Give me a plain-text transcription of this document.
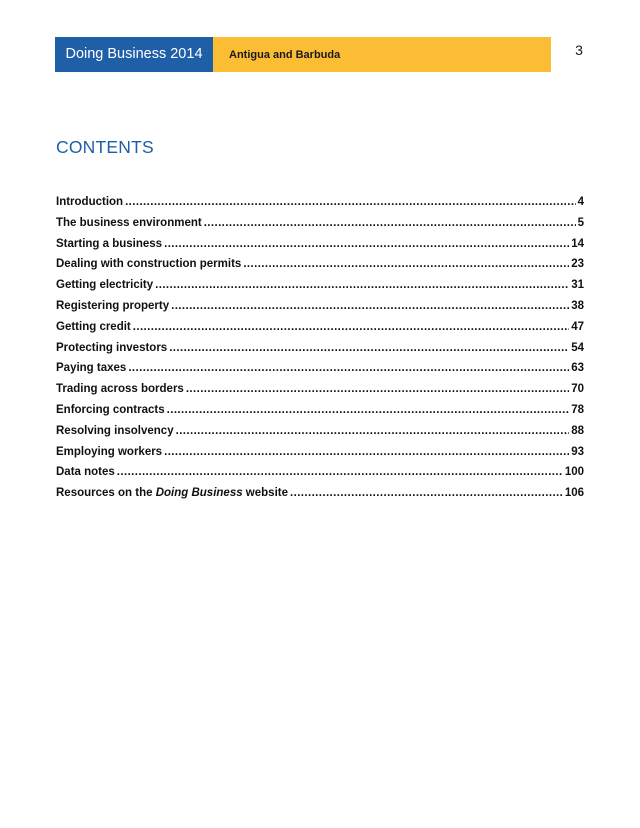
Doing Business 2014	Antigua and Barbuda	3
CONTENTS
Introduction .....	4
The business environment .....	5
Starting a business .....	14
Dealing with construction permits .....	23
Getting electricity .....	31
Registering property .....	38
Getting credit .....	47
Protecting investors .....	54
Paying taxes .....	63
Trading across borders .....	70
Enforcing contracts .....	78
Resolving insolvency .....	88
Employing workers .....	93
Data notes .....	100
Resources on the Doing Business website .....	106
